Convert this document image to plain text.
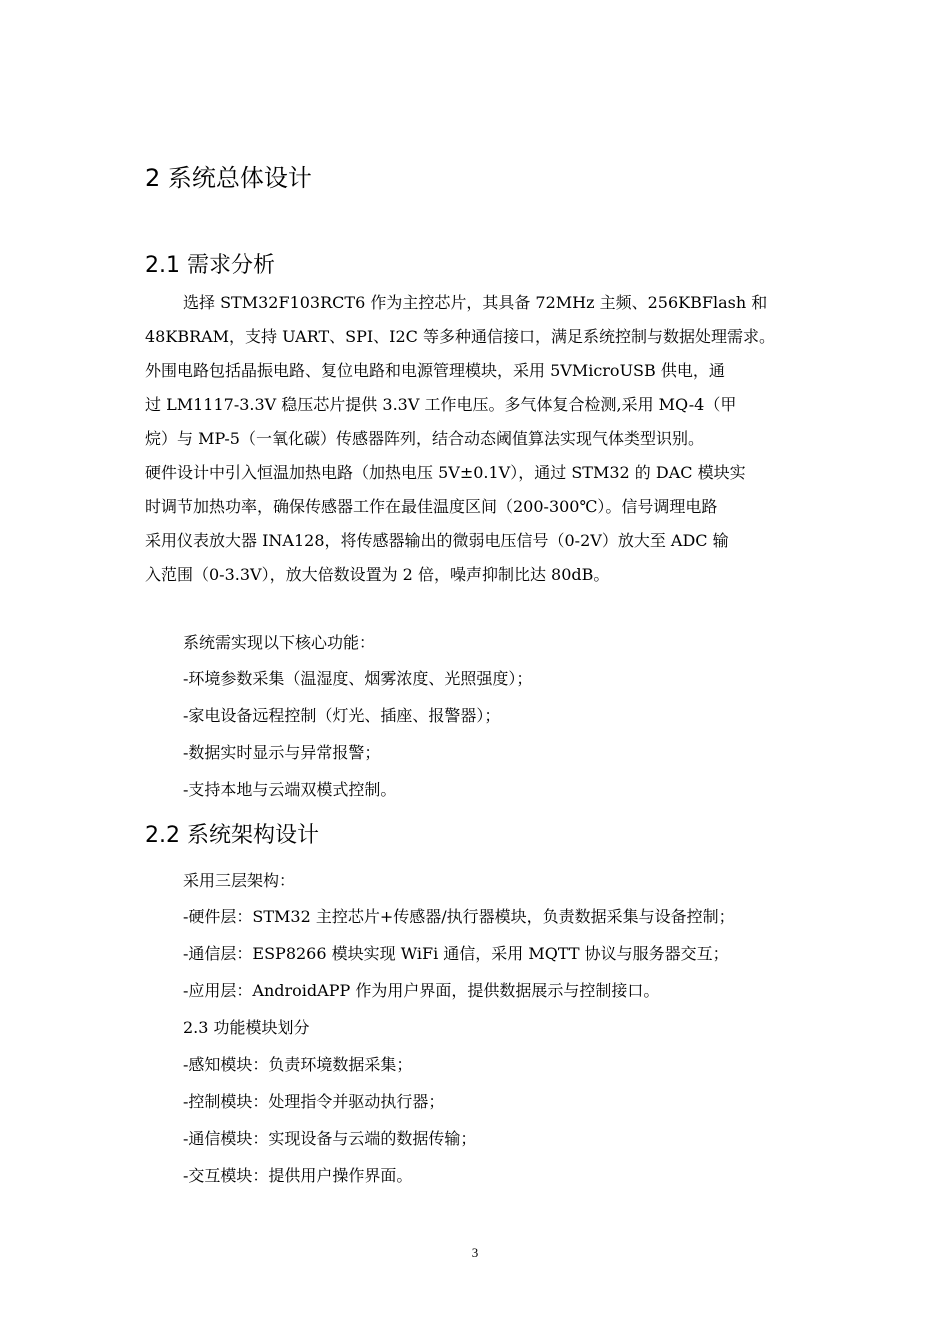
2 系统总体设计
2.1 需求分析
选择 STM32F103RCT6 作为主控芯片，其具备 72MHz 主频、256KBFlash 和
48KBRAM，支持 UART、SPI、I2C 等多种通信接口，满足系统控制与数据处理需求。
外围电路包括晶振电路、复位电路和电源管理模块，采用 5VMicroUSB 供电，通
过 LM1117-3.3V 稳压芯片提供 3.3V 工作电压。多气体复合检测,采用 MQ-4（甲
烷）与 MP-5（一氧化碳）传感器阵列，结合动态阈值算法实现气体类型识别。
硬件设计中引入恒温加热电路（加热电压 5V±0.1V），通过 STM32 的 DAC 模块实
时调节加热功率，确保传感器工作在最佳温度区间（200-300℃）。信号调理电路
采用仪表放大器 INA128，将传感器输出的微弱电压信号（0-2V）放大至 ADC 输
入范围（0-3.3V），放大倍数设置为 2 倍，噪声抑制比达 80dB。

系统需实现以下核心功能：

-环境参数采集（温湿度、烟雾浓度、光照强度）；

-家电设备远程控制（灯光、插座、报警器）；

-数据实时显示与异常报警；

-支持本地与云端双模式控制。

2.2 系统架构设计

采用三层架构：

-硬件层：STM32 主控芯片+传感器/执行器模块，负责数据采集与设备控制；

-通信层：ESP8266 模块实现 WiFi 通信，采用 MQTT 协议与服务器交互；

-应用层：AndroidAPP 作为用户界面，提供数据展示与控制接口。

2.3 功能模块划分

-感知模块：负责环境数据采集；

-控制模块：处理指令并驱动执行器；

-通信模块：实现设备与云端的数据传输；

-交互模块：提供用户操作界面。

3
